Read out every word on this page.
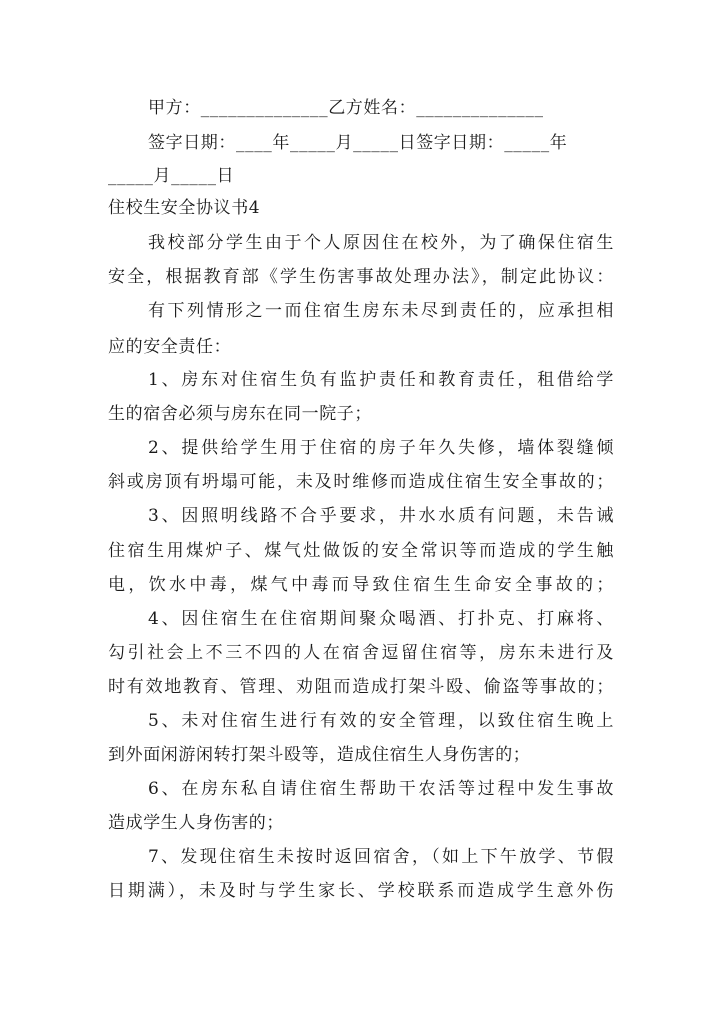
甲方：______________乙方姓名：______________
签字日期：____年_____月_____日签字日期：_____年
_____月_____日
住校生安全协议书4
我校部分学生由于个人原因住在校外，为了确保住宿生
安全，根据教育部《学生伤害事故处理办法》，制定此协议：
有下列情形之一而住宿生房东未尽到责任的，应承担相
应的安全责任：
1、房东对住宿生负有监护责任和教育责任，租借给学
生的宿舍必须与房东在同一院子；
2、提供给学生用于住宿的房子年久失修，墙体裂缝倾
斜或房顶有坍塌可能，未及时维修而造成住宿生安全事故的；
3、因照明线路不合乎要求，井水水质有问题，未告诫
住宿生用煤炉子、煤气灶做饭的安全常识等而造成的学生触
电，饮水中毒，煤气中毒而导致住宿生生命安全事故的；
4、因住宿生在住宿期间聚众喝酒、打扑克、打麻将、
勾引社会上不三不四的人在宿舍逗留住宿等，房东未进行及
时有效地教育、管理、劝阻而造成打架斗殴、偷盗等事故的；
5、未对住宿生进行有效的安全管理，以致住宿生晚上
到外面闲游闲转打架斗殴等，造成住宿生人身伤害的；
6、在房东私自请住宿生帮助干农活等过程中发生事故
造成学生人身伤害的；
7、发现住宿生未按时返回宿舍，（如上下午放学、节假
日期满），未及时与学生家长、学校联系而造成学生意外伤
